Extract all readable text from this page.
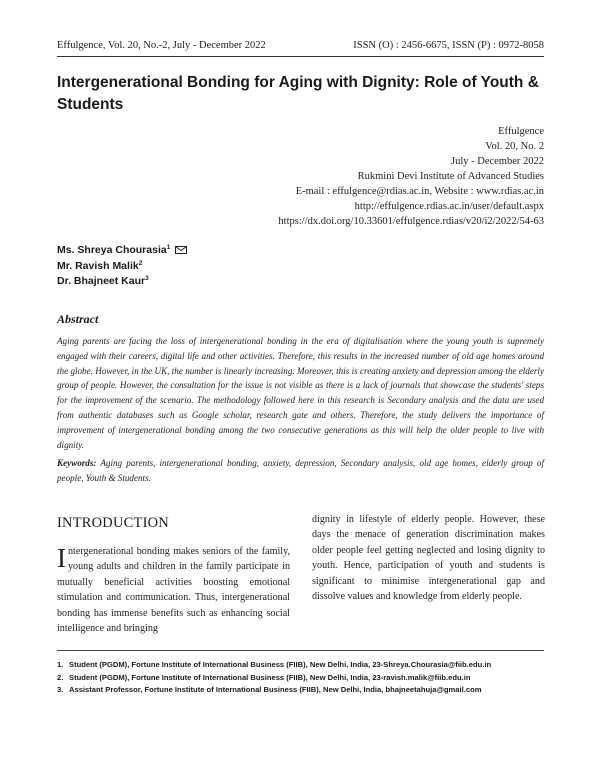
Effulgence, Vol. 20, No.-2, July - December 2022	ISSN (O) : 2456-6675, ISSN (P) : 0972-8058
Intergenerational Bonding for Aging with Dignity: Role of Youth & Students
Effulgence
Vol. 20, No. 2
July - December 2022
Rukmini Devi Institute of Advanced Studies
E-mail : effulgence@rdias.ac.in, Website : www.rdias.ac.in
http://effulgence.rdias.ac.in/user/default.aspx
https://dx.doi.org/10.33601/effulgence.rdias/v20/i2/2022/54-63
Ms. Shreya Chourasia$^1$
Mr. Ravish Malik$^2$
Dr. Bhajneet Kaur$^3$
Abstract
Aging parents are facing the loss of intergenerational bonding in the era of digitalisation where the young youth is supremely engaged with their careers, digital life and other activities. Therefore, this results in the increased number of old age homes around the globe. However, in the UK, the number is linearly increasing. Moreover, this is creating anxiety and depression among the elderly group of people. However, the consultation for the issue is not visible as there is a lack of journals that showcase the students' steps for the improvement of the scenario. The methodology followed here in this research is Secondary analysis and the data are used from authentic databases such as Google scholar, research gate and others. Therefore, the study delivers the importance of improvement of intergenerational bonding among the two consecutive generations as this will help the older people to live with dignity.
Keywords: Aging parents, intergenerational bonding, anxiety, depression, Secondary analysis, old age homes, elderly group of people, Youth & Students.
INTRODUCTION
Intergenerational bonding makes seniors of the family, young adults and children in the family participate in mutually beneficial activities boosting emotional stimulation and communication. Thus, intergenerational bonding has immense benefits such as enhancing social intelligence and bringing
dignity in lifestyle of elderly people. However, these days the menace of generation discrimination makes older people feel getting neglected and losing dignity to youth. Hence, participation of youth and students is significant to minimise intergenerational gap and dissolve values and knowledge from elderly people.
1. Student (PGDM), Fortune Institute of International Business (FIIB), New Delhi, India, 23-Shreya.Chourasia@fiib.edu.in
2. Student (PGDM), Fortune Institute of International Business (FIIB), New Delhi, India, 23-ravish.malik@fiib.edu.in
3. Assistant Professor, Fortune Institute of International Business (FIIB), New Delhi, India, bhajneetahuja@gmail.com
